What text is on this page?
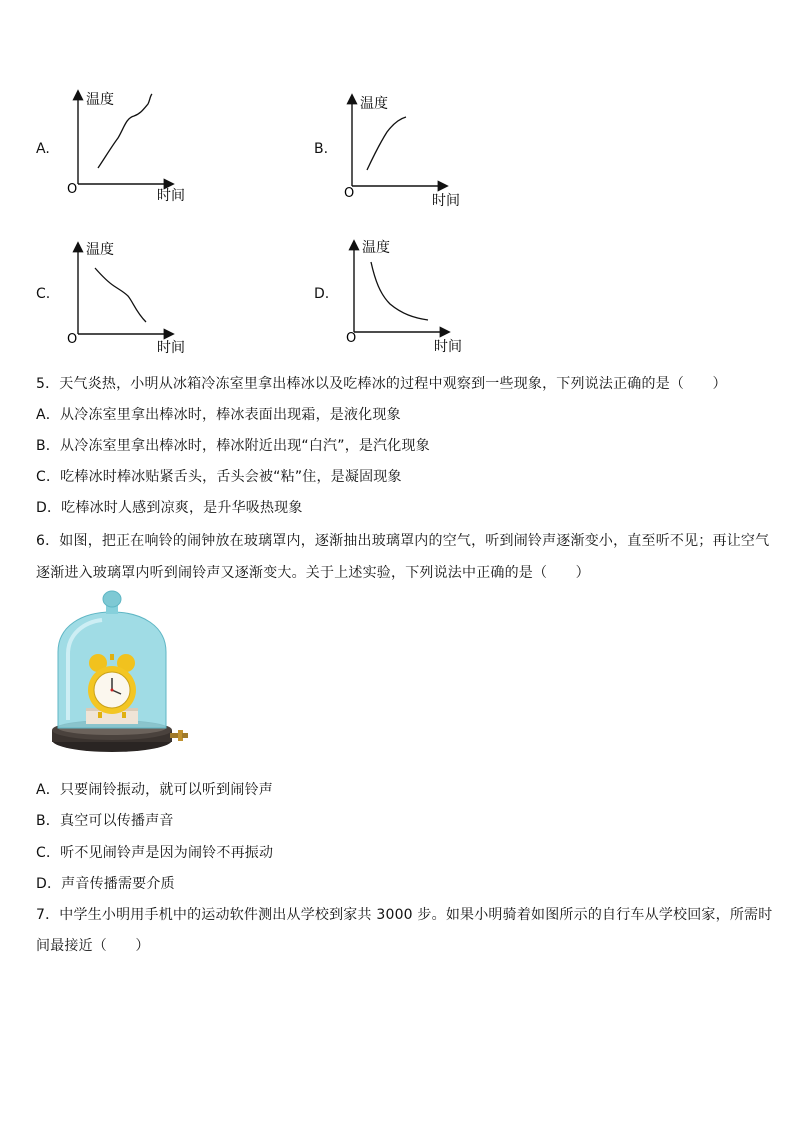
A.	B.
C.	D.
温度
时间
O
温度
时间
O
温度
时间
O
温度
时间
O
5．天气炎热，小明从冰箱冷冻室里拿出棒冰以及吃棒冰的过程中观察到一些现象，下列说法正确的是（　　）
A．从冷冻室里拿出棒冰时，棒冰表面出现霜，是液化现象
B．从冷冻室里拿出棒冰时，棒冰附近出现“白汽”，是汽化现象
C．吃棒冰时棒冰贴紧舌头，舌头会被“粘”住，是凝固现象
D．吃棒冰时人感到凉爽，是升华吸热现象
6．如图，把正在响铃的闹钟放在玻璃罩内，逐渐抽出玻璃罩内的空气，听到闹铃声逐渐变小，直至听不见；再让空气
逐渐进入玻璃罩内听到闹铃声又逐渐变大。关于上述实验，下列说法中正确的是（　　）
A．只要闹铃振动，就可以听到闹铃声
B．真空可以传播声音
C．听不见闹铃声是因为闹铃不再振动
D．声音传播需要介质
7．中学生小明用手机中的运动软件测出从学校到家共 3000 步。如果小明骑着如图所示的自行车从学校回家，所需时
间最接近（　　）
